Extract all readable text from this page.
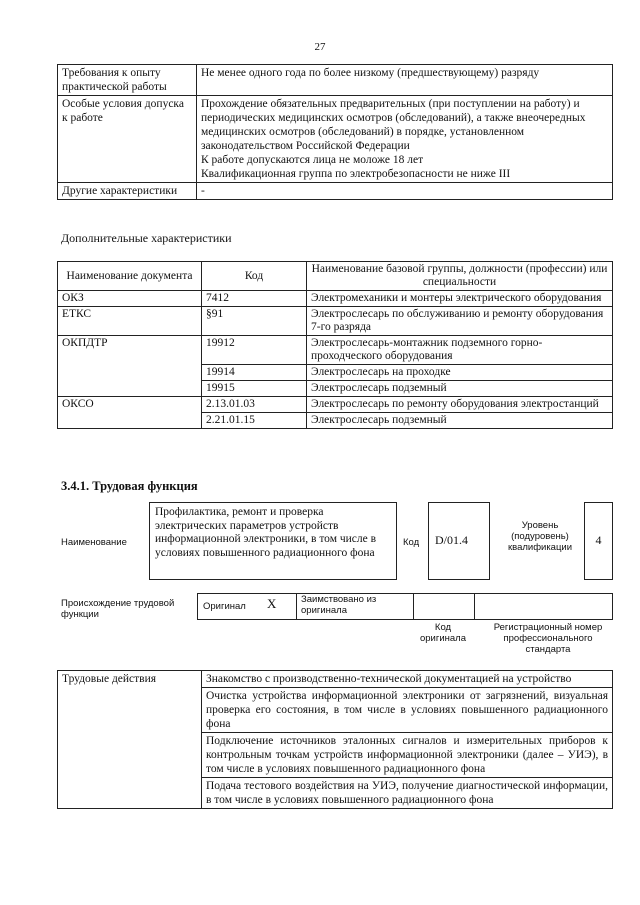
27
Требования к опыту практической работы	Не менее одного года по более низкому (предшествующему) разряду
Особые условия допуска к работе	Прохождение обязательных предварительных (при поступлении на работу) и периодических медицинских осмотров (обследований), а также внеочередных медицинских осмотров (обследований) в порядке, установленном законодательством Российской Федерации
К работе допускаются лица не моложе 18 лет
Квалификационная группа по электробезопасности не ниже III

Другие характеристики	-
Дополнительные характеристики
Наименование документа	Код	Наименование базовой группы, должности (профессии) или специальности
ОКЗ	7412	Электромеханики и монтеры электрического оборудования
ЕТКС	§91	Электрослесарь по обслуживанию и ремонту оборудования 7-го разряда
ОКПДТР	19912	Электрослесарь-монтажник подземного горно-проходческого оборудования
	19914	Электрослесарь на проходке
	19915	Электрослесарь подземный
ОКСО	2.13.01.03	Электрослесарь по ремонту оборудования электростанций
	2.21.01.15	Электрослесарь подземный
3.4.1. Трудовая функция
Наименование
Профилактика, ремонт и проверка электрических параметров устройств информационной электроники, в том числе в условиях повышенного радиационного фона
Код	D/01.4
Уровень (подуровень) квалификации
4
Происхождение трудовой функции
Оригинал X	Заимствовано из оригинала
Код оригинала
Регистрационный номер профессионального стандарта
Трудовые действия	Знакомство с производственно-технической документацией на устройство
Очистка устройства информационной электроники от загрязнений, визуальная проверка его состояния, в том числе в условиях повышенного радиационного фона
Подключение источников эталонных сигналов и измерительных приборов к контрольным точкам устройств информационной электроники (далее – УИЭ), в том числе в условиях повышенного радиационного фона
Подача тестового воздействия на УИЭ, получение диагностической информации, в том числе в условиях повышенного радиационного фона
